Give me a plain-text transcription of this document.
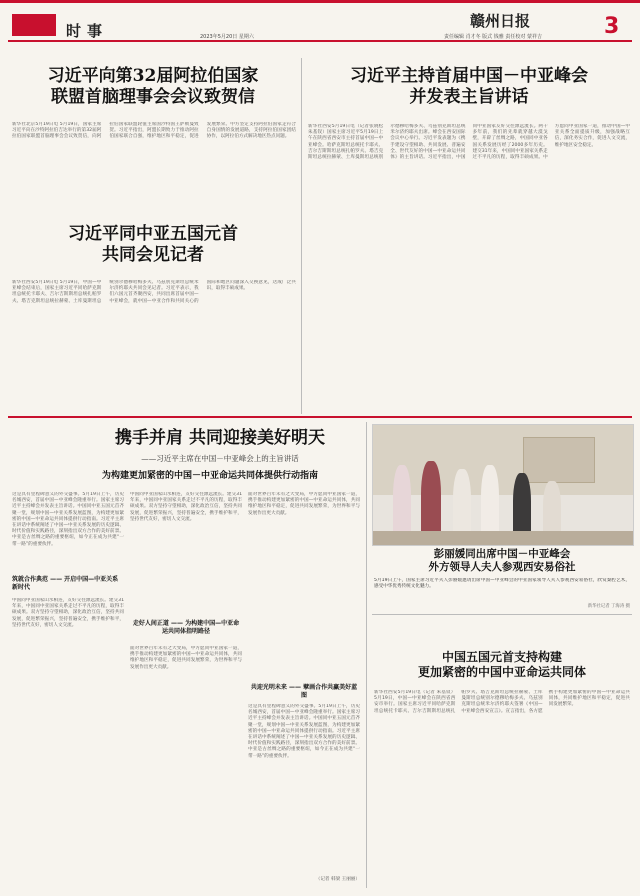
时事	2023年5月20日 星期六
赣州日报	3
责任编辑 肖才冬 版式 钱雅 责任校对 蒙祥吉
习近平向第32届阿拉伯国家
联盟首脑理事会会议致贺信
新华社北京5月19日电 5月19日，国家主席习近平向在沙特阿拉伯吉达举行的第32届阿拉伯国家联盟首脑理事会会议致贺信，向阿拉伯国家联盟轮值主席国沙特国王萨勒曼致贺。习近平指出，阿盟长期致力于推动阿拉伯国家联合自强，维护地区和平稳定，促进发展繁荣。中方坚定支持阿拉伯国家走符合自身国情的发展道路，支持阿拉伯国家团结协作，以阿拉伯方式解决地区热点问题。
习近平主持首届中国－中亚峰会
并发表主旨讲话
新华社西安5月19日电（记者张晓松 朱基钗）国家主席习近平5月19日上午在陕西省西安市主持首届中国—中亚峰会。哈萨克斯坦总统托卡耶夫、吉尔吉斯斯坦总统扎帕罗夫、塔吉克斯坦总统拉赫蒙、土库曼斯坦总统别尔德穆哈梅多夫、乌兹别克斯坦总统米尔济约耶夫出席。峰会在西安国际会议中心举行。习近平发表题为《携手建设守望相助、共同发展、普遍安全、世代友好的中国—中亚命运共同体》的主旨讲话。习近平指出，中国同中亚国家友好交往源远流长。两千多年前，我们的先辈就穿越大漠戈壁，开辟了丝绸之路，中国同中亚各国关系发展历经了2000多年历史。建交31年来，中国同中亚国家关系走过不平凡的历程，取得丰硕成果。中方愿同中亚国家一道，推动中国—中亚关系全面提质升级，加强战略互信，深化务实合作，促进人文交流，维护地区安全稳定。
习近平同中亚五国元首
共同会见记者
新华社西安5月19日电 5月19日，中国—中亚峰会结束后，国家主席习近平同哈萨克斯坦总统托卡耶夫、吉尔吉斯斯坦总统扎帕罗夫、塔吉克斯坦总统拉赫蒙、土库曼斯坦总统别尔德穆哈梅多夫、乌兹别克斯坦总统米尔济约耶夫共同会见记者。习近平表示，我们六国元首齐聚西安，共同出席首届中国—中亚峰会，就中国—中亚合作和共同关心的国际和地区问题深入交换意见，达成广泛共识，取得丰硕成果。
携手并肩 共同迎接美好明天
——习近平主席在中国－中亚峰会上的主旨讲话
为构建更加紧密的中国－中亚命运共同体提供行动指南
这是具有里程碑意义的外交盛事。5月19日上午，历史名城西安，首届中国—中亚峰会隆重举行。国家主席习近平主持峰会并发表主旨讲话。中国同中亚五国元首齐聚一堂，规划中国—中亚关系发展蓝图，为构建更加紧密的中国—中亚命运共同体提供行动指南。习近平主席在讲话中系统阐述了中国—中亚关系发展的历史逻辑、时代价值和实践路径，深刻指出双方合作的美好前景。中亚是古丝绸之路的重要枢纽，如今正在成为共建“一带一路”的重要伙伴。
筑就合作典范 —— 开启中国—中亚关系新时代
中国同中亚国家山水相连，友好交往源远流长。建交31年来，中国同中亚国家关系走过不平凡的历程，取得丰硕成果。双方坚持守望相助，深化政治互信，坚持共同发展，促进繁荣振兴，坚持普遍安全，携手维护和平，坚持世代友好，密切人文交流。
中国同中亚国家山水相连，友好交往源远流长。建交31年来，中国同中亚国家关系走过不平凡的历程，取得丰硕成果。双方坚持守望相助，深化政治互信，坚持共同发展，促进繁荣振兴，坚持普遍安全，携手维护和平，坚持世代友好，密切人文交流。
走好人间正道 —— 为构建中国—中亚命运共同体指明路径
面对世界百年未有之大变局，中方愿同中亚国家一道，携手推动构建更加紧密的中国—中亚命运共同体，共同维护地区和平稳定，促进共同发展繁荣，为世界和平与发展作出更大贡献。
面对世界百年未有之大变局，中方愿同中亚国家一道，携手推动构建更加紧密的中国—中亚命运共同体，共同维护地区和平稳定，促进共同发展繁荣，为世界和平与发展作出更大贡献。
共迎光明未来 —— 擘画合作共赢美好蓝图
这是具有里程碑意义的外交盛事。5月19日上午，历史名城西安，首届中国—中亚峰会隆重举行。国家主席习近平主持峰会并发表主旨讲话。中国同中亚五国元首齐聚一堂，规划中国—中亚关系发展蓝图，为构建更加紧密的中国—中亚命运共同体提供行动指南。习近平主席在讲话中系统阐述了中国—中亚关系发展的历史逻辑、时代价值和实践路径，深刻指出双方合作的美好前景。中亚是古丝绸之路的重要枢纽，如今正在成为共建“一带一路”的重要伙伴。
（记者 韩梁 王丽丽）
彭丽媛同出席中国－中亚峰会
外方领导人夫人参观西安易俗社
5月19日上午，国家主席习近平夫人彭丽媛邀请出席中国—中亚峰会的中亚国家领导人夫人参观西安易俗社，欣赏秦腔艺术，感受中华优秀传统文化魅力。
新华社记者 丁海涛 摄
中国五国元首支持构建
更加紧密的中国中亚命运共同体
新华社西安5月19日电（记者 朱基钗）5月19日，中国—中亚峰会在陕西省西安市举行。国家主席习近平同哈萨克斯坦总统托卡耶夫、吉尔吉斯斯坦总统扎帕罗夫、塔吉克斯坦总统拉赫蒙、土库曼斯坦总统别尔德穆哈梅多夫、乌兹别克斯坦总统米尔济约耶夫签署《中国—中亚峰会西安宣言》。宣言指出，各方愿携手构建更加紧密的中国—中亚命运共同体，共同维护地区和平稳定，促进共同发展繁荣。
